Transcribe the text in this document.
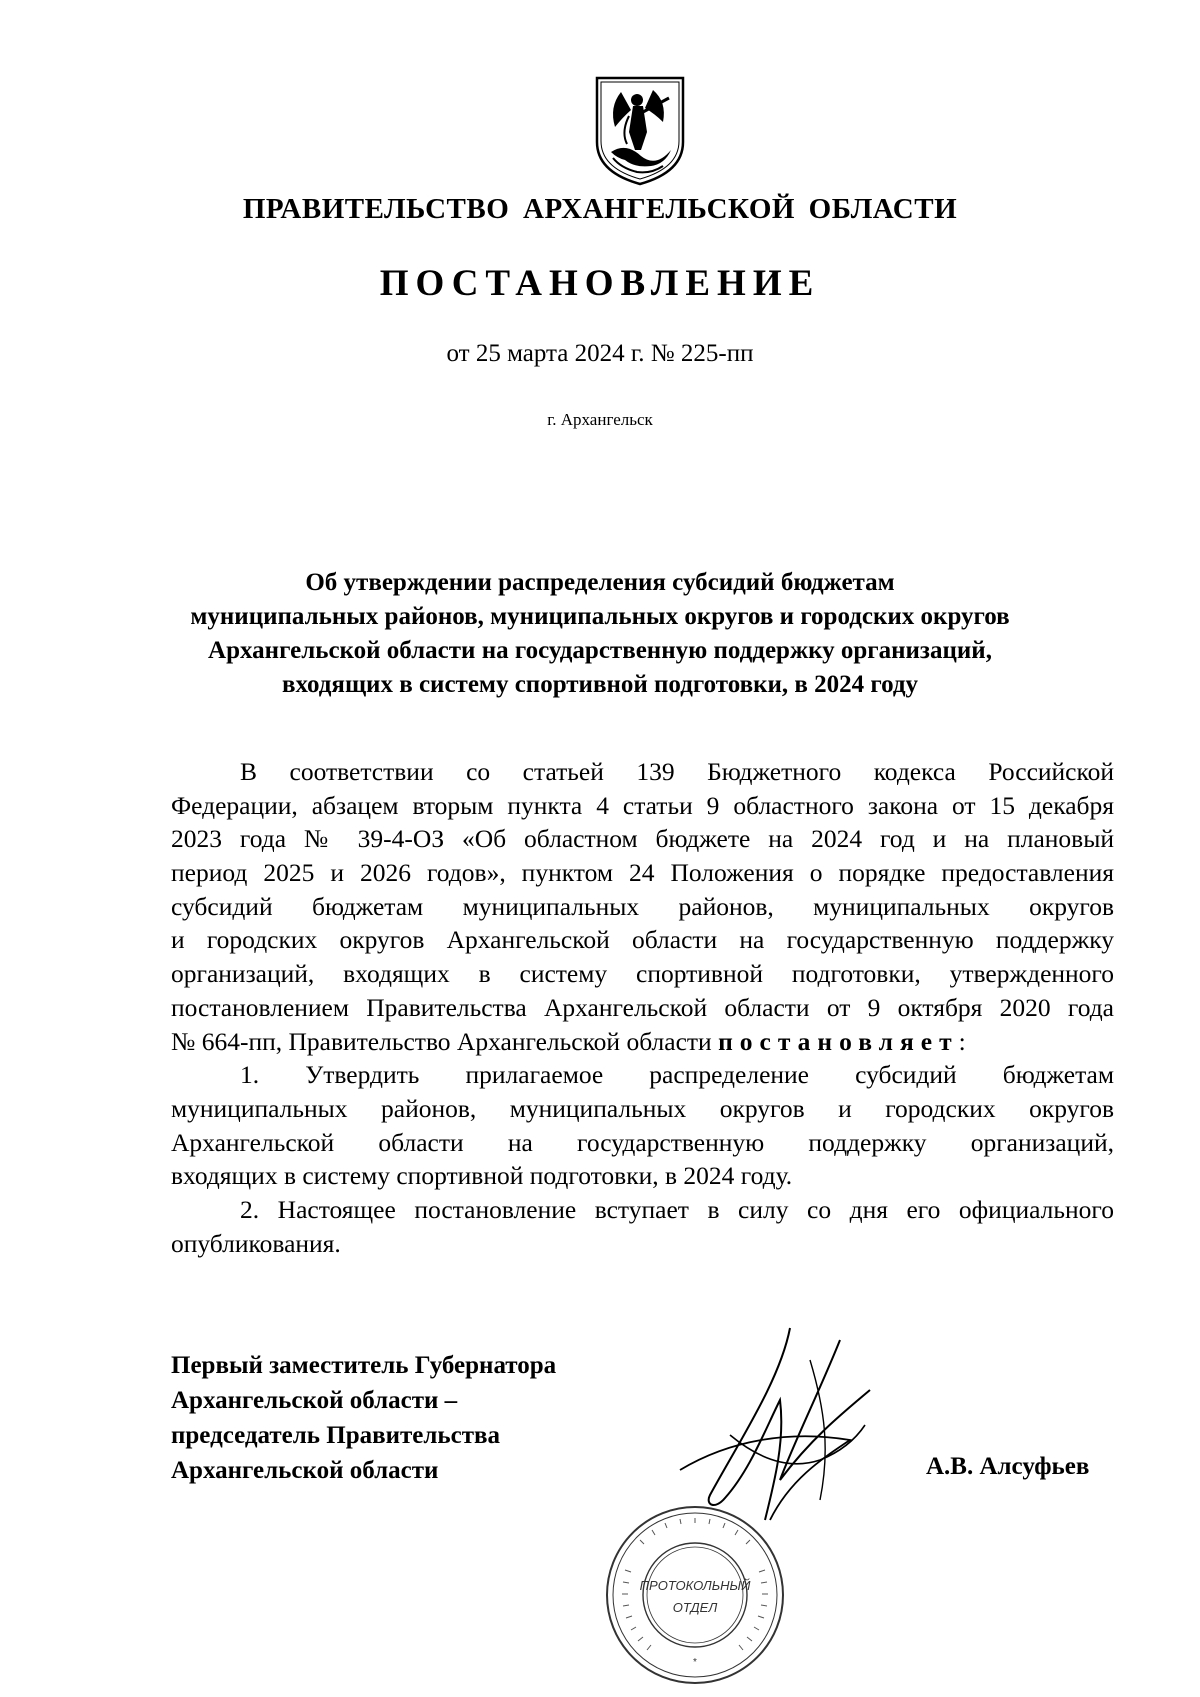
ПРАВИТЕЛЬСТВО АРХАНГЕЛЬСКОЙ ОБЛАСТИ
ПОСТАНОВЛЕНИЕ
от 25 марта 2024 г. № 225-пп
г. Архангельск
Об утверждении распределения субсидий бюджетам
муниципальных районов, муниципальных округов и городских округов
Архангельской области на государственную поддержку организаций,
входящих в систему спортивной подготовки, в 2024 году
В соответствии со статьей 139 Бюджетного кодекса Российской
Федерации, абзацем вторым пункта 4 статьи 9 областного закона от 15 декабря
2023 года № 39-4-ОЗ «Об областном бюджете на 2024 год и на плановый
период 2025 и 2026 годов», пунктом 24 Положения о порядке предоставления
субсидий бюджетам муниципальных районов, муниципальных округов
и городских округов Архангельской области на государственную поддержку
организаций, входящих в систему спортивной подготовки, утвержденного
постановлением Правительства Архангельской области от 9 октября 2020 года
№ 664-пп, Правительство Архангельской области постановляет:
1. Утвердить прилагаемое распределение субсидий бюджетам
муниципальных районов, муниципальных округов и городских округов
Архангельской области на государственную поддержку организаций,
входящих в систему спортивной подготовки, в 2024 году.
2. Настоящее постановление вступает в силу со дня его официального
опубликования.
Первый заместитель Губернатора
Архангельской области –
председатель Правительства
Архангельской области	А.В. Алсуфьев
ПРОТОКОЛЬНЫЙ
ОТДЕЛ
*
